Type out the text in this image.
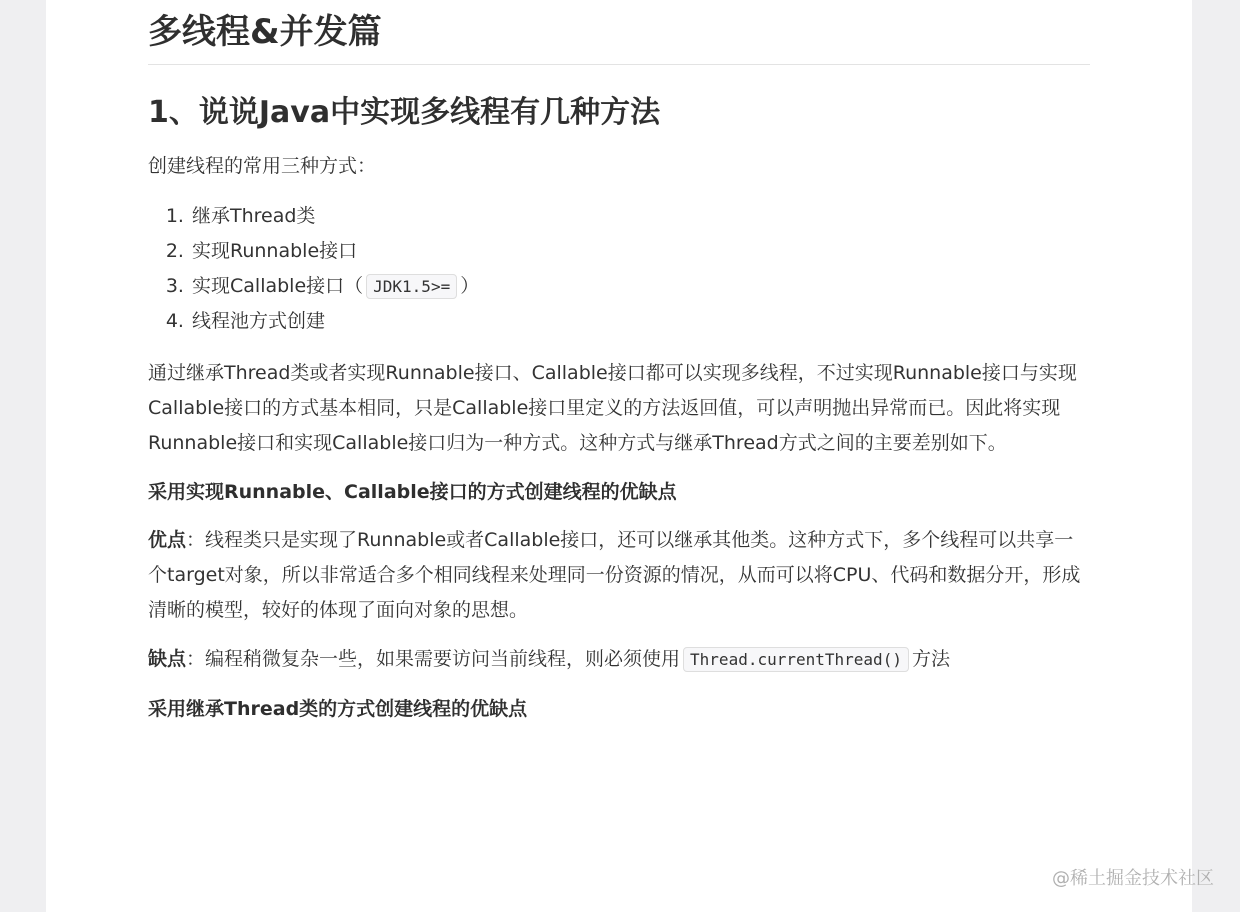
多线程&并发篇
1、说说Java中实现多线程有几种方法

创建线程的常用三种方式：

1. 继承Thread类
2. 实现Runnable接口
3. 实现Callable接口（ JDK1.5>= ）
4. 线程池方式创建

通过继承Thread类或者实现Runnable接口、Callable接口都可以实现多线程，不过实现Runnable接口与实现Callable接口的方式基本相同，只是Callable接口里定义的方法返回值，可以声明抛出异常而已。因此将实现Runnable接口和实现Callable接口归为一种方式。这种方式与继承Thread方式之间的主要差别如下。

采用实现Runnable、Callable接口的方式创建线程的优缺点

优点：线程类只是实现了Runnable或者Callable接口，还可以继承其他类。这种方式下，多个线程可以共享一个target对象，所以非常适合多个相同线程来处理同一份资源的情况，从而可以将CPU、代码和数据分开，形成清晰的模型，较好的体现了面向对象的思想。

缺点：编程稍微复杂一些，如果需要访问当前线程，则必须使用 Thread.currentThread() 方法

采用继承Thread类的方式创建线程的优缺点
@稀土掘金技术社区
